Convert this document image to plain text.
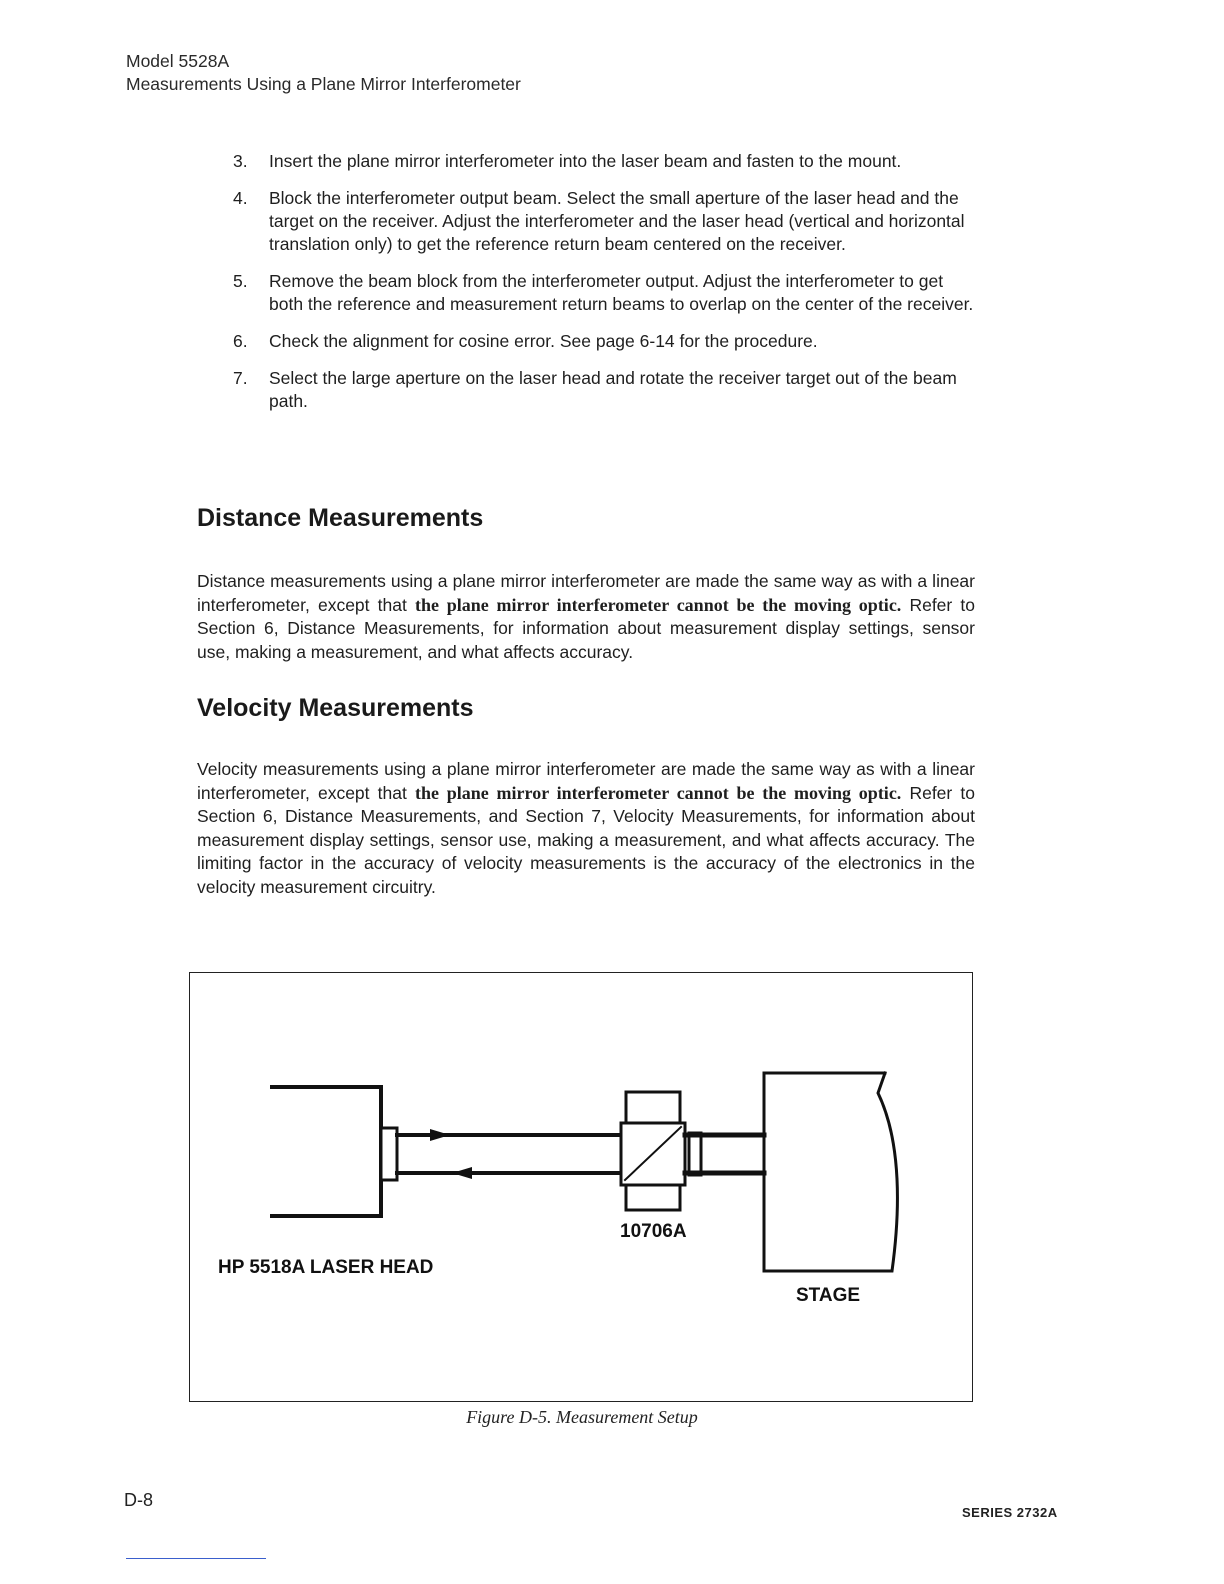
Model 5528A
Measurements Using a Plane Mirror Interferometer
3.	Insert the plane mirror interferometer into the laser beam and fasten to the mount.
4.	Block the interferometer output beam. Select the small aperture of the laser head and the target on the receiver. Adjust the interferometer and the laser head (vertical and horizontal translation only) to get the reference return beam centered on the receiver.
5.	Remove the beam block from the interferometer output. Adjust the interferometer to get both the reference and measurement return beams to overlap on the center of the receiver.
6.	Check the alignment for cosine error. See page 6-14 for the procedure.
7.	Select the large aperture on the laser head and rotate the receiver target out of the beam path.
Distance Measurements
Distance measurements using a plane mirror interferometer are made the same way as with a linear interferometer, except that the plane mirror interferometer cannot be the moving optic. Refer to Section 6, Distance Measurements, for information about measurement display settings, sensor use, making a measurement, and what affects accuracy.
Velocity Measurements
Velocity measurements using a plane mirror interferometer are made the same way as with a linear interferometer, except that the plane mirror interferometer cannot be the moving optic. Refer to Section 6, Distance Measurements, and Section 7, Velocity Measurements, for information about measurement display settings, sensor use, making a measurement, and what affects accuracy. The limiting factor in the accuracy of velocity measurements is the accuracy of the electronics in the velocity measurement circuitry.
HP 5518A LASER HEAD
10706A
STAGE
Figure D-5. Measurement Setup
D-8
SERIES 2732A
